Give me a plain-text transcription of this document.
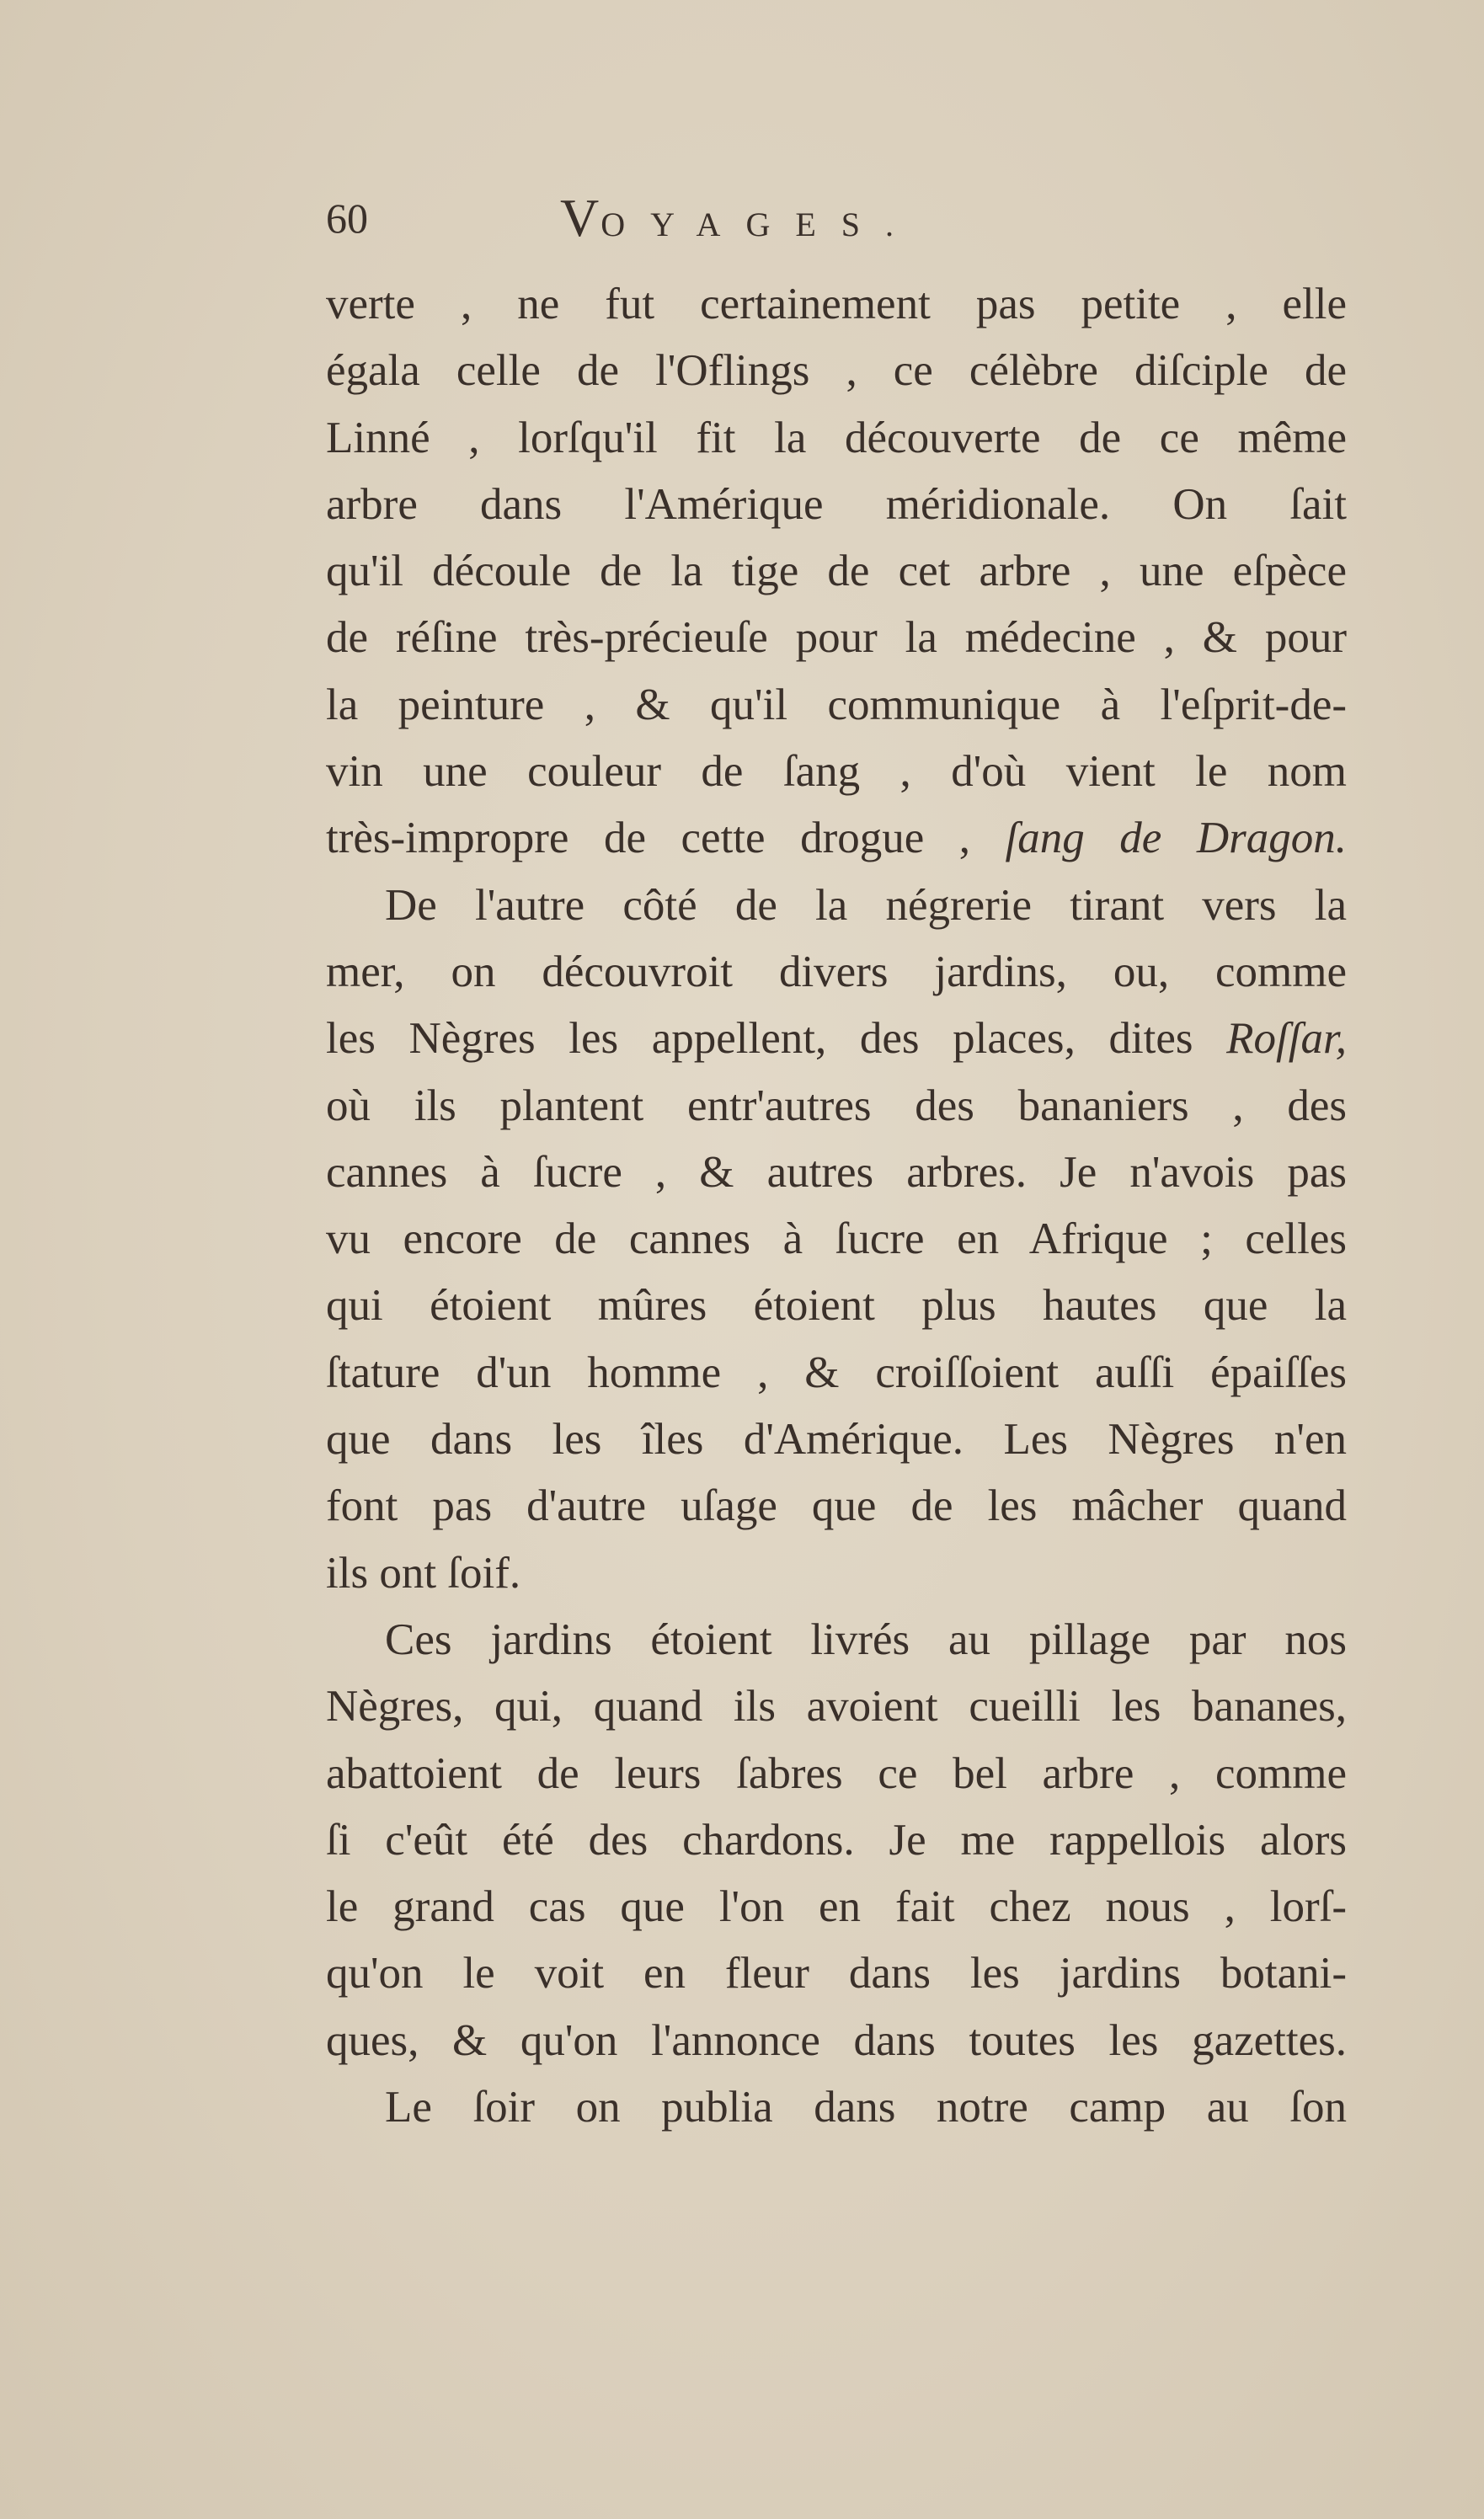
60	VOYAGES.
verte , ne fut certainement pas petite , elle
égala celle de l'Oflings , ce célèbre diſciple de
Linné , lorſqu'il fit la découverte de ce même
arbre dans l'Amérique méridionale. On ſait
qu'il découle de la tige de cet arbre , une eſpèce
de réſine très-précieuſe pour la médecine , & pour
la peinture , & qu'il communique à l'eſprit-de-
vin une couleur de ſang , d'où vient le nom
très-impropre de cette drogue , ſang de Dragon.
De l'autre côté de la négrerie tirant vers la
mer, on découvroit divers jardins, ou, comme
les Nègres les appellent, des places, dites Roſſar,
où ils plantent entr'autres des bananiers , des
cannes à ſucre , & autres arbres. Je n'avois pas
vu encore de cannes à ſucre en Afrique ; celles
qui étoient mûres étoient plus hautes que la
ſtature d'un homme , & croiſſoient auſſi épaiſſes
que dans les îles d'Amérique. Les Nègres n'en
font pas d'autre uſage que de les mâcher quand
ils ont ſoif.
Ces jardins étoient livrés au pillage par nos
Nègres, qui, quand ils avoient cueilli les bananes,
abattoient de leurs ſabres ce bel arbre , comme
ſi c'eût été des chardons. Je me rappellois alors
le grand cas que l'on en fait chez nous , lorſ-
qu'on le voit en fleur dans les jardins botani-
ques, & qu'on l'annonce dans toutes les gazettes.
Le ſoir on publia dans notre camp au ſon
